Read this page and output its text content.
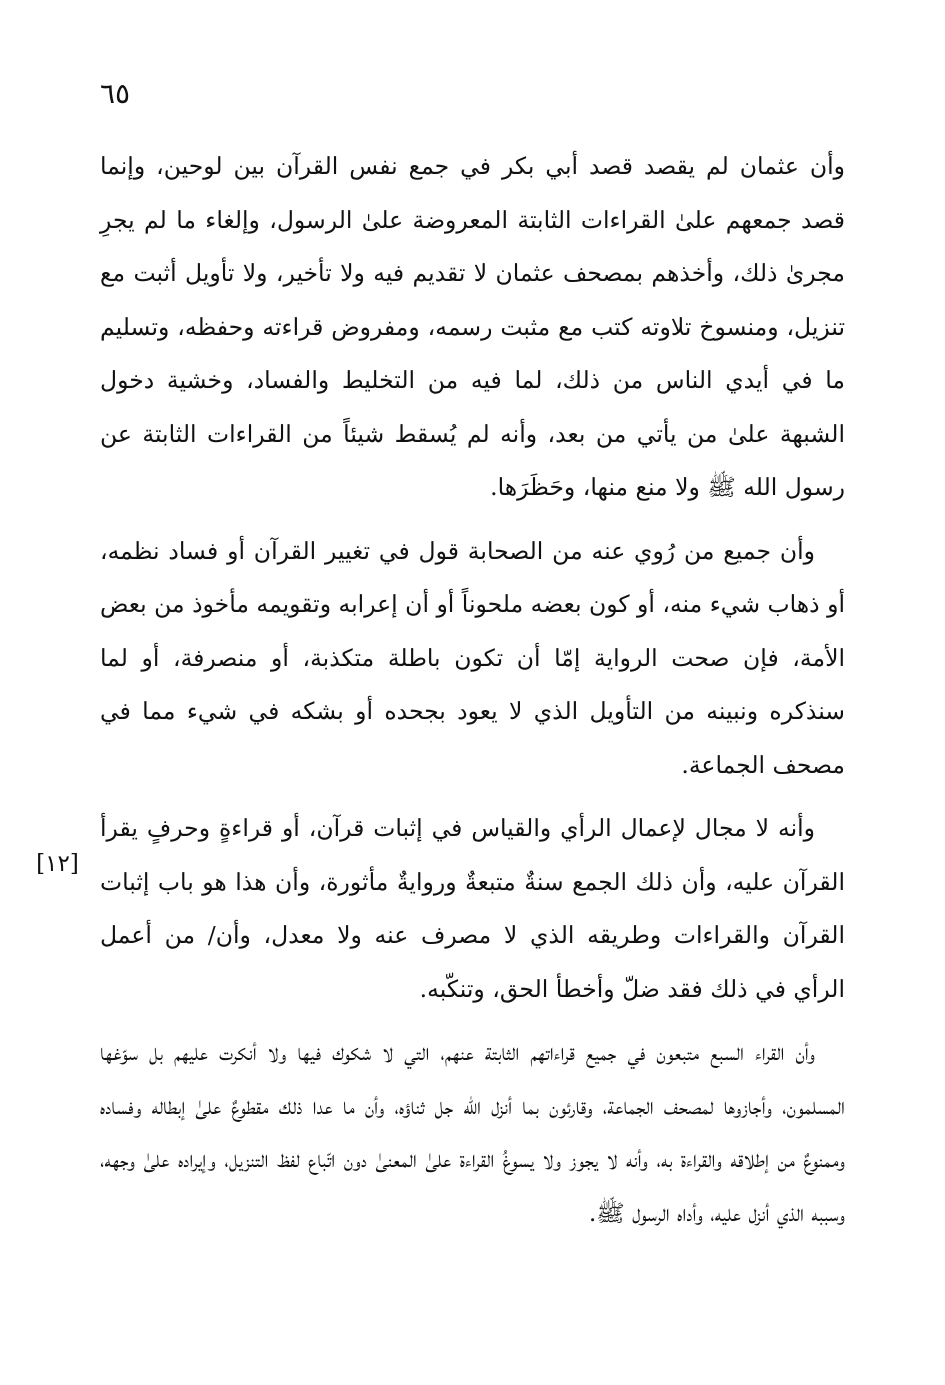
٦٥
[١٢]

وأن عثمان لم يقصد قصد أبي بكر في جمع نفس القرآن بين لوحين، وإنما قصد جمعهم علىٰ القراءات الثابتة المعروضة علىٰ الرسول، وإلغاء ما لم يجرِ مجرىٰ ذلك، وأخذهم بمصحف عثمان لا تقديم فيه ولا تأخير، ولا تأويل أثبت مع تنزيل، ومنسوخ تلاوته كتب مع مثبت رسمه، ومفروض قراءته وحفظه، وتسليم ما في أيدي الناس من ذلك، لما فيه من التخليط والفساد، وخشية دخول الشبهة علىٰ من يأتي من بعد، وأنه لم يُسقط شيئاً من القراءات الثابتة عن رسول الله ﷺ ولا منع منها، وحَظَرَها.

وأن جميع من رُوي عنه من الصحابة قول في تغيير القرآن أو فساد نظمه، أو ذهاب شيء منه، أو كون بعضه ملحوناً أو أن إعرابه وتقويمه مأخوذ من بعض الأمة، فإن صحت الرواية إمّا أن تكون باطلة متكذبة، أو منصرفة، أو لما سنذكره ونبينه من التأويل الذي لا يعود بجحده أو بشكه في شيء مما في مصحف الجماعة.

وأنه لا مجال لإعمال الرأي والقياس في إثبات قرآن، أو قراءةٍ وحرفٍ يقرأ القرآن عليه، وأن ذلك الجمع سنةٌ متبعةٌ وروايةٌ مأثورة، وأن هذا هو باب إثبات القرآن والقراءات وطريقه الذي لا مصرف عنه ولا معدل، وأن/ من أعمل الرأي في ذلك فقد ضلّ وأخطأ الحق، وتنكّبه.

وأن القراء السبع متبعون في جميع قراءاتهم الثابتة عنهم، التي لا شكوك فيها ولا أنكرت عليهم بل سوّغها المسلمون، وأجازوها لمصحف الجماعة، وقارئون بما أنزل الله جل ثناؤه، وأن ما عدا ذلك مقطوعٌ علىٰ إبطاله وفساده وممنوعٌ من إطلاقه والقراءة به، وأنه لا يجوز ولا يسوغُ القراءة علىٰ المعنىٰ دون اتّباع لفظ التنزيل، وإيراده علىٰ وجهه، وسببه الذي أنزل عليه، وأداه الرسول ﷺ.
